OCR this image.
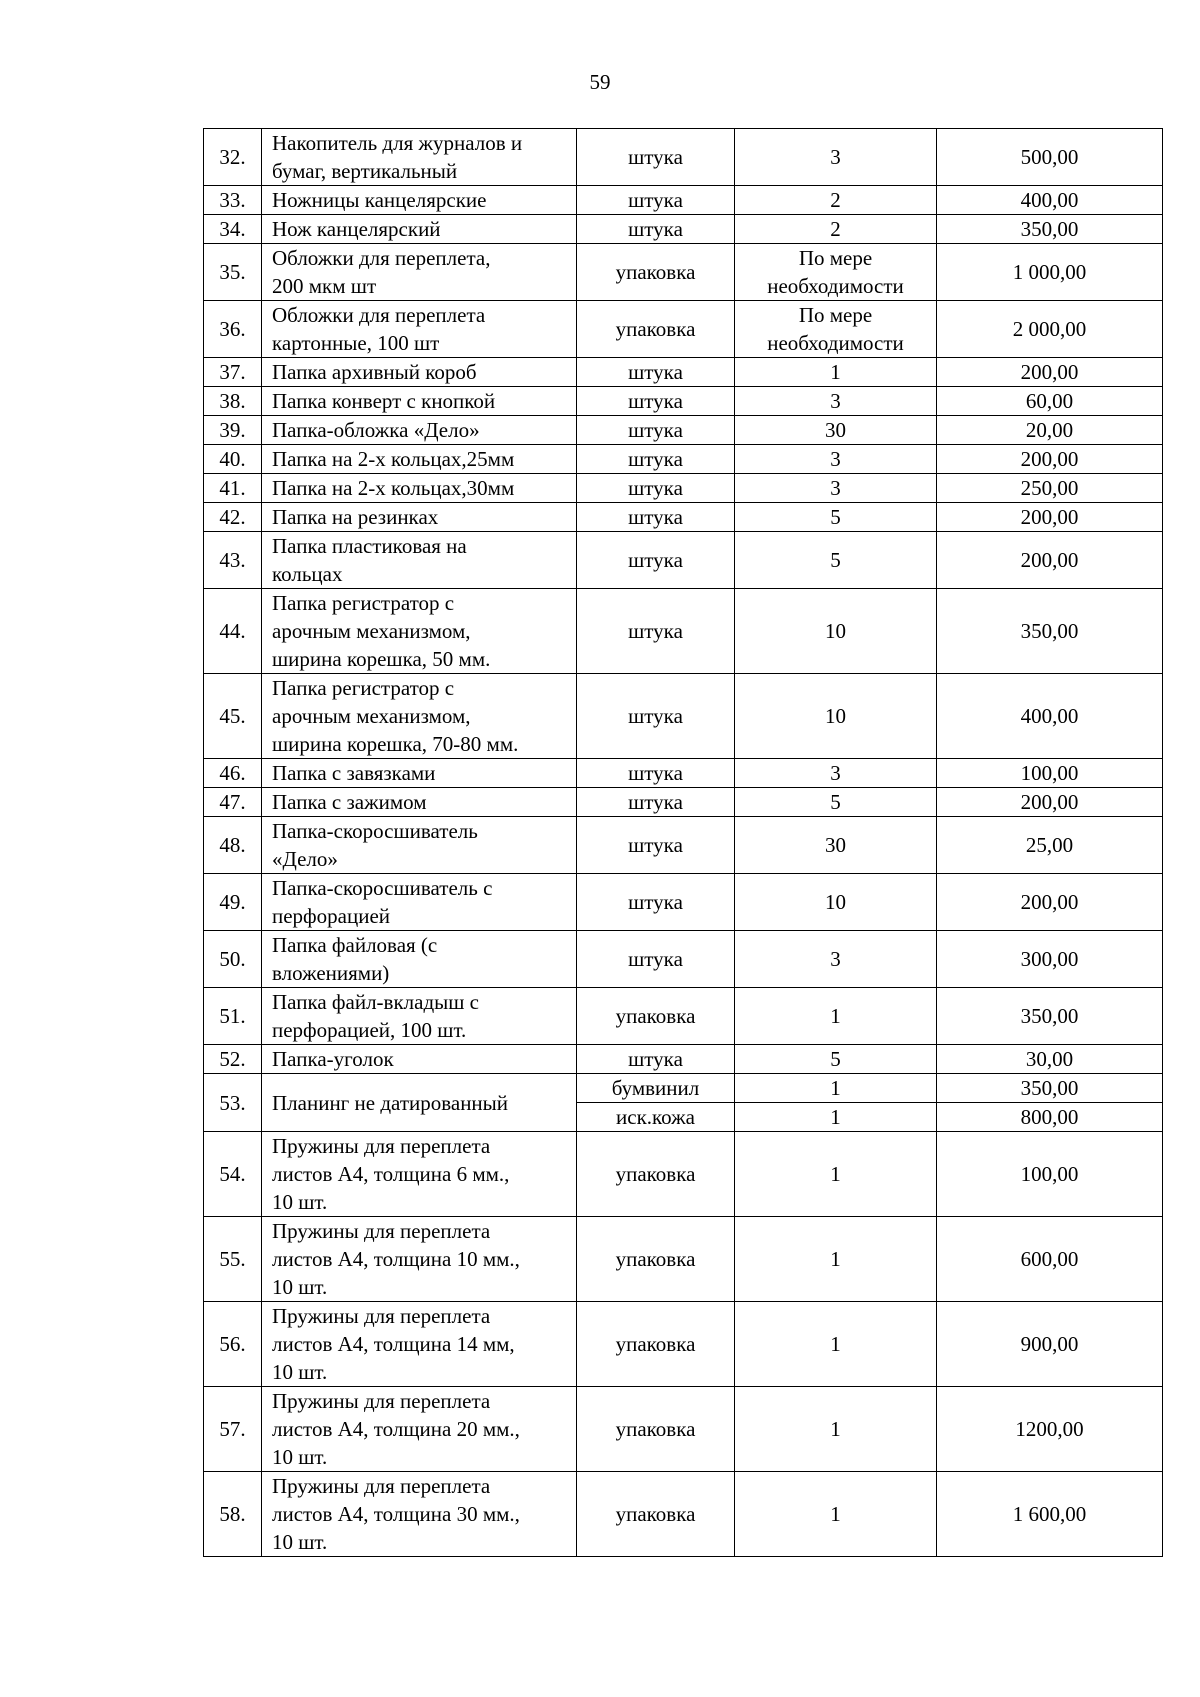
59
32.	Накопитель для журналов и
бумаг, вертикальный	штука	3	500,00

33.	Ножницы канцелярские	штука	2	400,00

34.	Нож канцелярский	штука	2	350,00

35.	Обложки для переплета,
200 мкм шт	упаковка	По мере
необходимости	1 000,00

36.	Обложки для переплета
картонные, 100 шт	упаковка	По мере
необходимости	2 000,00

37.	Папка архивный короб	штука	1	200,00

38.	Папка конверт с кнопкой	штука	3	60,00

39.	Папка-обложка «Дело»	штука	30	20,00

40.	Папка на 2-х кольцах,25мм	штука	3	200,00

41.	Папка на 2-х кольцах,30мм	штука	3	250,00

42.	Папка на резинках	штука	5	200,00

43.	Папка пластиковая на
кольцах	штука	5	200,00

44.	Папка регистратор с
арочным механизмом,
ширина корешка, 50 мм.	штука	10	350,00

45.	Папка регистратор с
арочным механизмом,
ширина корешка, 70-80 мм.	штука	10	400,00

46.	Папка с завязками	штука	3	100,00

47.	Папка с зажимом	штука	5	200,00

48.	Папка-скоросшиватель
«Дело»	штука	30	25,00

49.	Папка-скоросшиватель с
перфорацией	штука	10	200,00

50.	Папка файловая (с
вложениями)	штука	3	300,00

51.	Папка файл-вкладыш с
перфорацией, 100 шт.	упаковка	1	350,00

52.	Папка-уголок	штука	5	30,00

53.	Планинг не датированный	бумвинил	1	350,00

		иск.кожа	1	800,00

54.	Пружины для переплета
листов А4, толщина 6 мм.,
10 шт.	упаковка	1	100,00

55.	Пружины для переплета
листов А4, толщина 10 мм.,
10 шт.	упаковка	1	600,00

56.	Пружины для переплета
листов А4, толщина 14 мм,
10 шт.	упаковка	1	900,00

57.	Пружины для переплета
листов А4, толщина 20 мм.,
10 шт.	упаковка	1	1200,00

58.	Пружины для переплета
листов А4, толщина 30 мм.,
10 шт.	упаковка	1	1 600,00
